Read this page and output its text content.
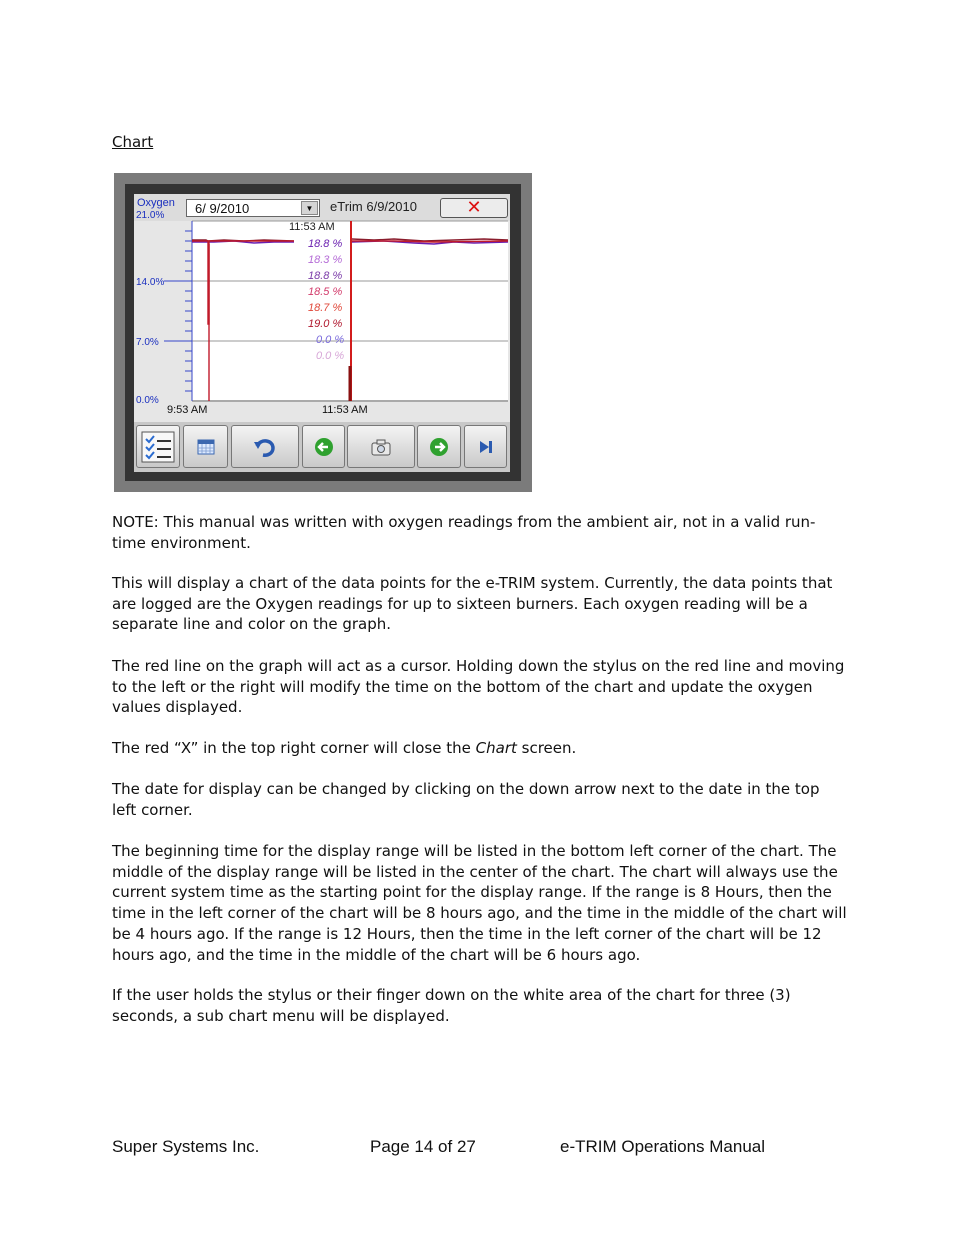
Chart
Oxygen
21.0%	6/ 9/2010	▼	eTrim 6/9/2010	✕
14.0%
7.0%
0.0%
11:53 AM
18.8 %
18.3 %
18.8 %
18.5 %
18.7 %
19.0 %
0.0 %
0.0 %
9:53 AM	11:53 AM

NOTE: This manual was written with oxygen readings from the ambient air, not in a valid run-time environment.

This will display a chart of the data points for the e-TRIM system. Currently, the data points that are logged are the Oxygen readings for up to sixteen burners. Each oxygen reading will be a separate line and color on the graph.

The red line on the graph will act as a cursor. Holding down the stylus on the red line and moving to the left or the right will modify the time on the bottom of the chart and update the oxygen values displayed.

The red “X” in the top right corner will close the Chart screen.

The date for display can be changed by clicking on the down arrow next to the date in the top left corner.

The beginning time for the display range will be listed in the bottom left corner of the chart. The middle of the display range will be listed in the center of the chart. The chart will always use the current system time as the starting point for the display range. If the range is 8 Hours, then the time in the left corner of the chart will be 8 hours ago, and the time in the middle of the chart will be 4 hours ago. If the range is 12 Hours, then the time in the left corner of the chart will be 12 hours ago, and the time in the middle of the chart will be 6 hours ago.

If the user holds the stylus or their finger down on the white area of the chart for three (3) seconds, a sub chart menu will be displayed.

Super Systems Inc.	Page 14 of 27	e-TRIM Operations Manual
